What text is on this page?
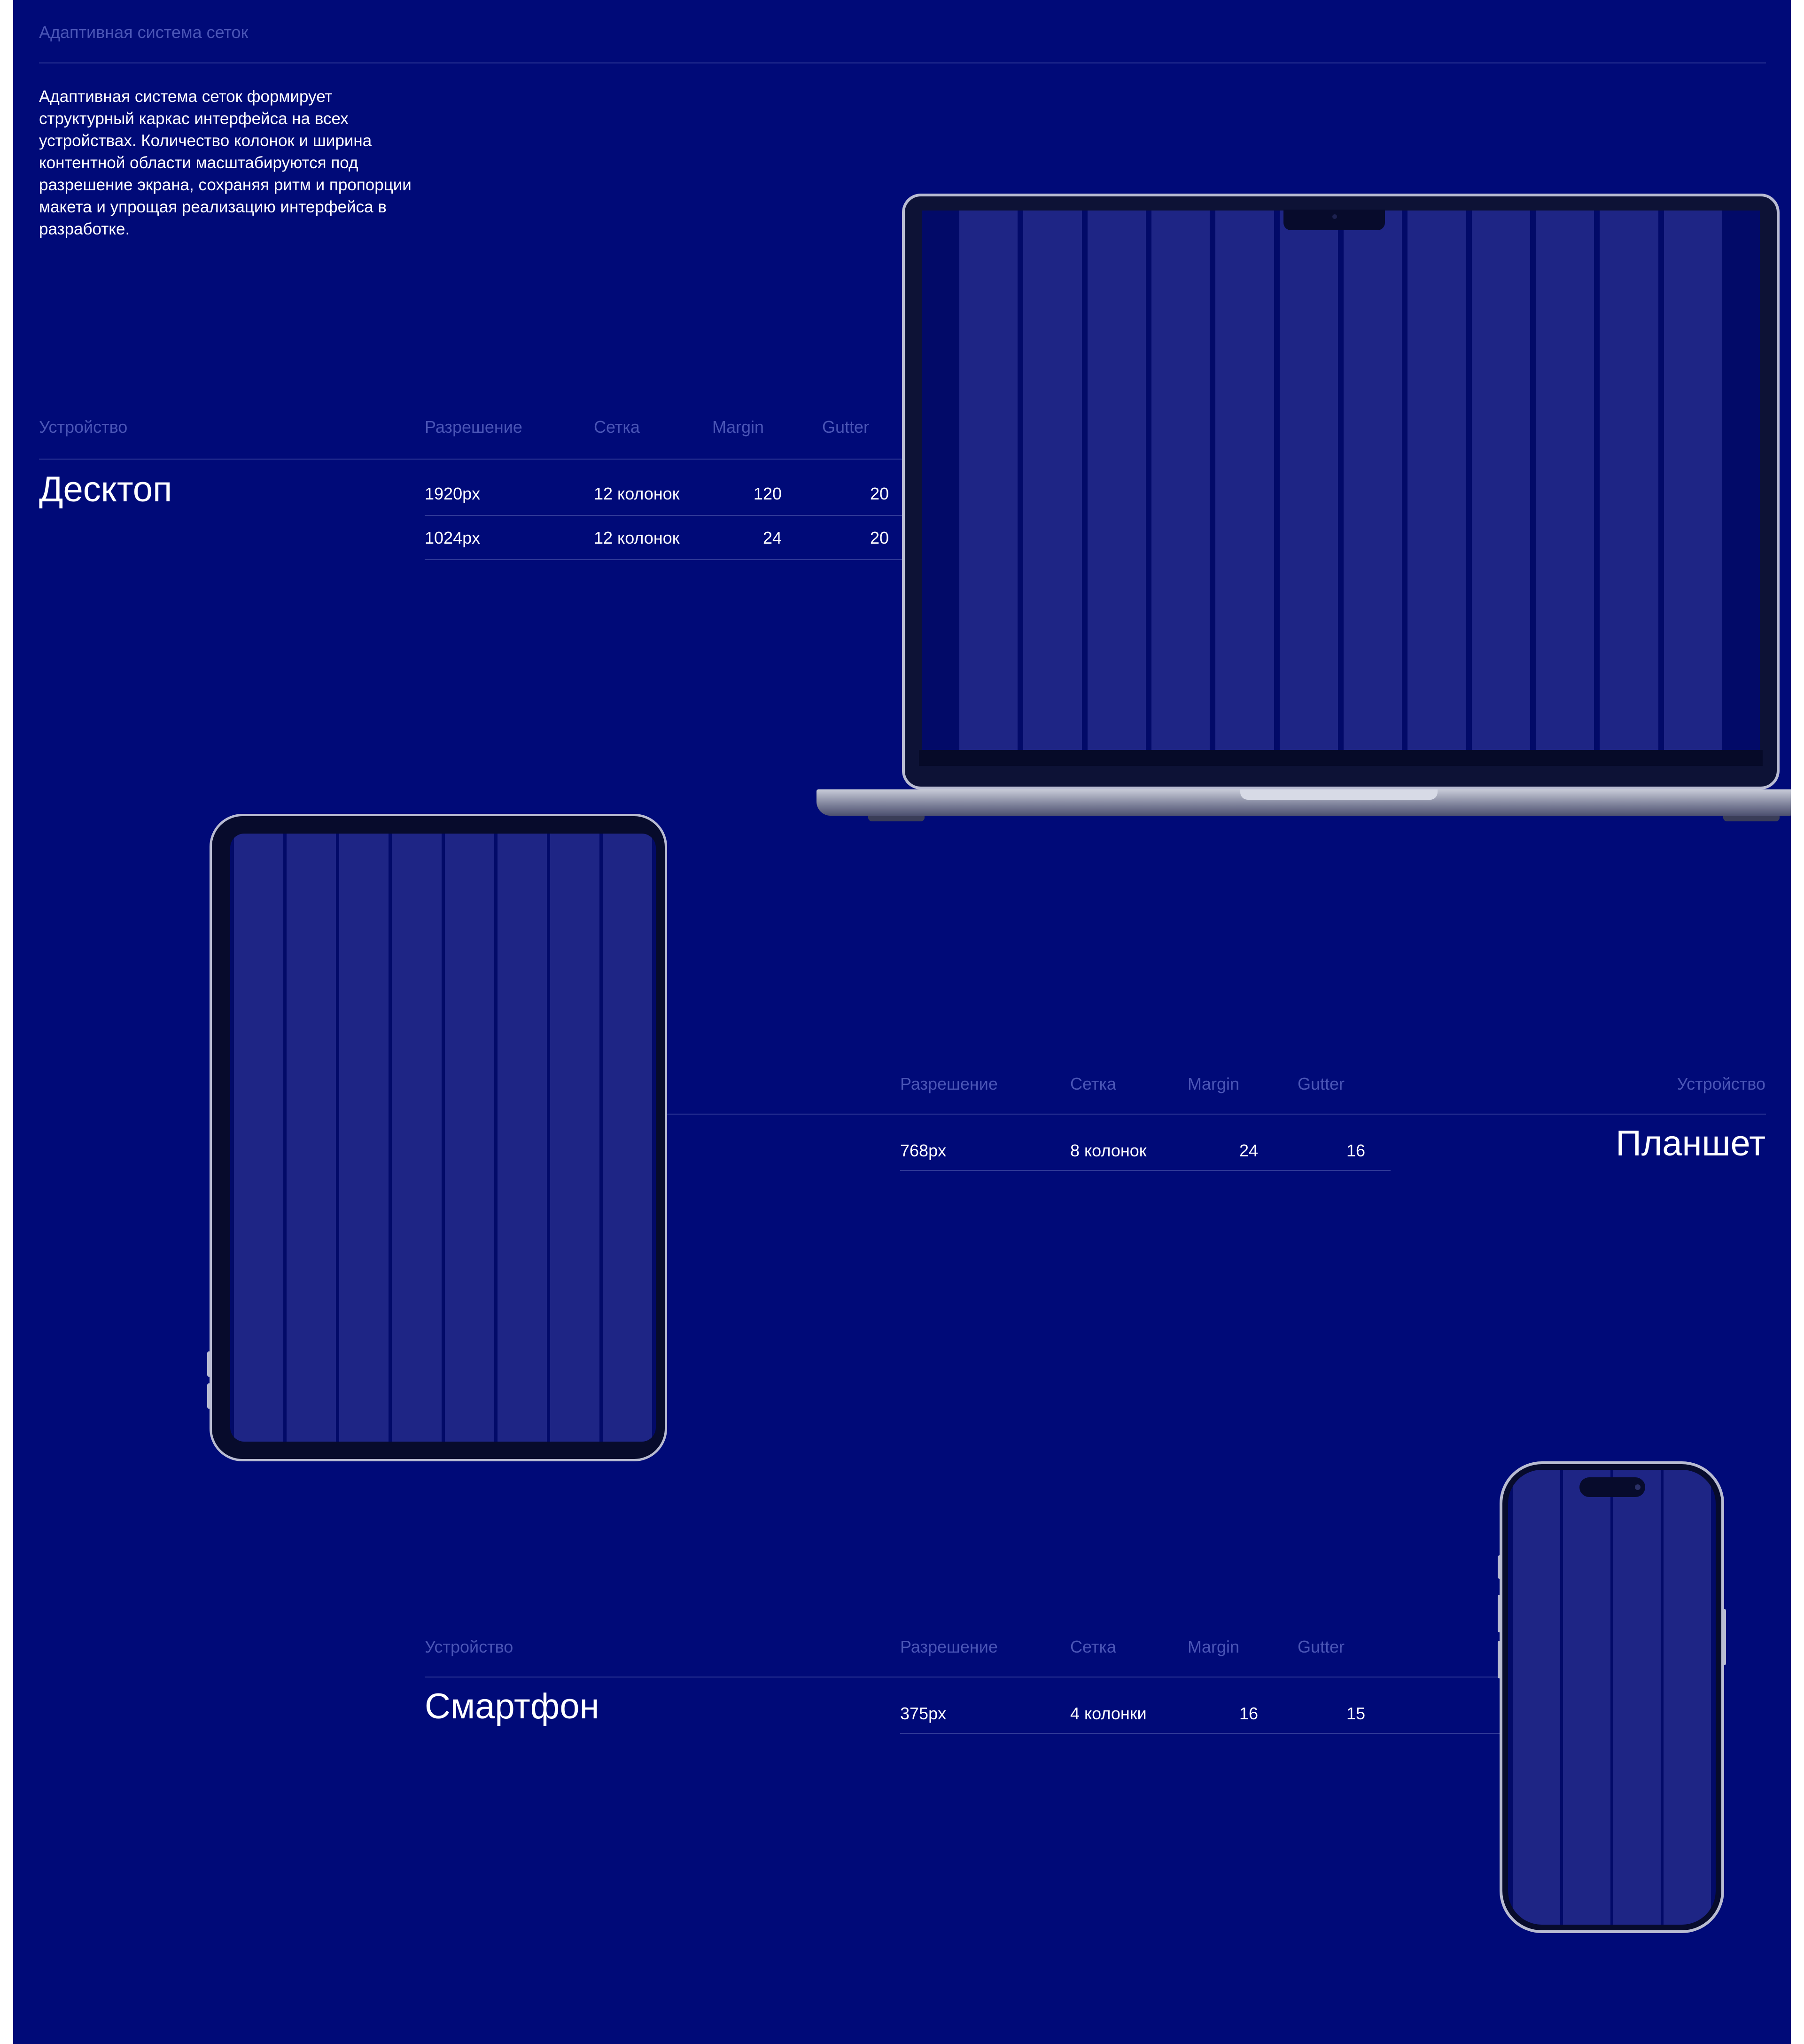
Адаптивная система сеток
Адаптивная система сеток формирует структурный каркас интерфейса на всех устройствах. Количество колонок и ширина контентной области масштабируются под разрешение экрана, сохраняя ритм и пропорции макета и упрощая реализацию интерфейса в разработке.
Устройство	Разрешение	Сетка	Margin	Gutter
Десктоп	1920px	12 колонок	120	20
1024px	12 колонок	24	20
Разрешение	Сетка	Margin	Gutter	Устройство
768px	8 колонок	24	16	Планшет
Устройство	Разрешение	Сетка	Margin	Gutter
Смартфон	375px	4 колонки	16	15
